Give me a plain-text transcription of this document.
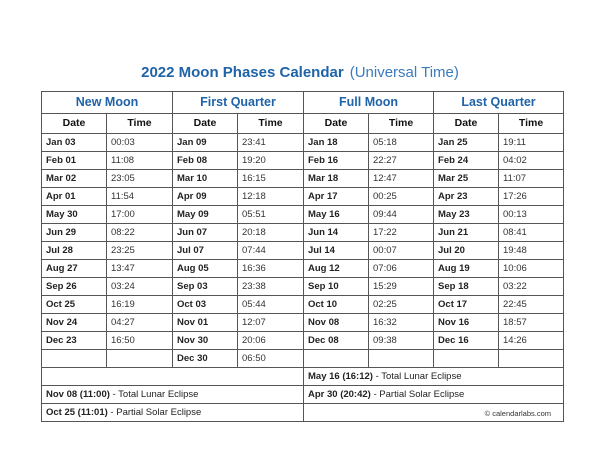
2022 Moon Phases Calendar (Universal Time)
New Moon		First Quarter		Full Moon		Last Quarter	
Date	Time	Date	Time	Date	Time	Date	Time
Jan 03	00:03	Jan 09	23:41	Jan 18	05:18	Jan 25	19:11
Feb 01	11:08	Feb 08	19:20	Feb 16	22:27	Feb 24	04:02
Mar 02	23:05	Mar 10	16:15	Mar 18	12:47	Mar 25	11:07
Apr 01	11:54	Apr 09	12:18	Apr 17	00:25	Apr 23	17:26
May 30	17:00	May 09	05:51	May 16	09:44	May 23	00:13
Jun 29	08:22	Jun 07	20:18	Jun 14	17:22	Jun 21	08:41
Jul 28	23:25	Jul 07	07:44	Jul 14	00:07	Jul 20	19:48
Aug 27	13:47	Aug 05	16:36	Aug 12	07:06	Aug 19	10:06
Sep 26	03:24	Sep 03	23:38	Sep 10	15:29	Sep 18	03:22
Oct 25	16:19	Oct 03	05:44	Oct 10	02:25	Oct 17	22:45
Nov 24	04:27	Nov 01	12:07	Nov 08	16:32	Nov 16	18:57
Dec 23	16:50	Nov 30	20:06	Dec 08	09:38	Dec 16	14:26
		Dec 30	06:50				
				May 16 (16:12) - Total Lunar Eclipse			
Nov 08 (11:00) - Total Lunar Eclipse				Apr 30 (20:42) - Partial Solar Eclipse			
Oct 25 (11:01) - Partial Solar Eclipse								© calendarlabs.com
